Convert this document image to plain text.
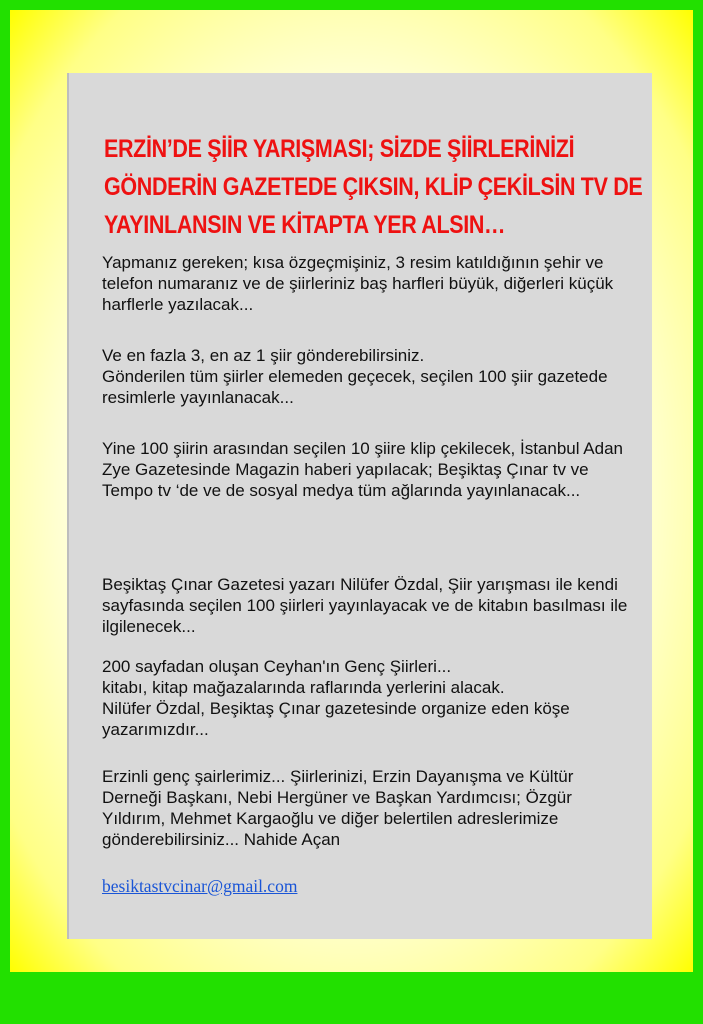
ERZİN’DE ŞİİR YARIŞMASI; SİZDE ŞİİRLERİNİZİ GÖNDERİN GAZETEDE ÇIKSIN, KLİP ÇEKİLSİN TV DE YAYINLANSIN VE KİTAPTA YER ALSIN…

Yapmanız gereken; kısa özgeçmişiniz, 3 resim katıldığının şehir ve telefon numaranız ve de şiirleriniz baş harfleri büyük, diğerleri küçük harflerle yazılacak...

Ve en fazla 3, en az 1 şiir gönderebilirsiniz.
Gönderilen tüm şiirler elemeden geçecek, seçilen 100 şiir gazetede resimlerle yayınlanacak...

Yine 100 şiirin arasından seçilen 10 şiire klip çekilecek, İstanbul Adan Zye Gazetesinde Magazin haberi yapılacak; Beşiktaş Çınar tv ve Tempo tv ‘de ve de sosyal medya tüm ağlarında yayınlanacak...

Beşiktaş Çınar Gazetesi yazarı Nilüfer Özdal, Şiir yarışması ile kendi sayfasında seçilen 100 şiirleri yayınlayacak ve de kitabın basılması ile ilgilenecek...

200 sayfadan oluşan Ceyhan'ın Genç Şiirleri...
kitabı, kitap mağazalarında raflarında yerlerini alacak.
Nilüfer Özdal, Beşiktaş Çınar gazetesinde organize eden köşe yazarımızdır...

Erzinli genç şairlerimiz... Şiirlerinizi, Erzin Dayanışma ve Kültür Derneği Başkanı, Nebi Hergüner ve Başkan Yardımcısı; Özgür Yıldırım, Mehmet Kargaoğlu ve diğer belertilen adreslerimize gönderebilirsiniz... Nahide Açan

besiktastvcinar@gmail.com
